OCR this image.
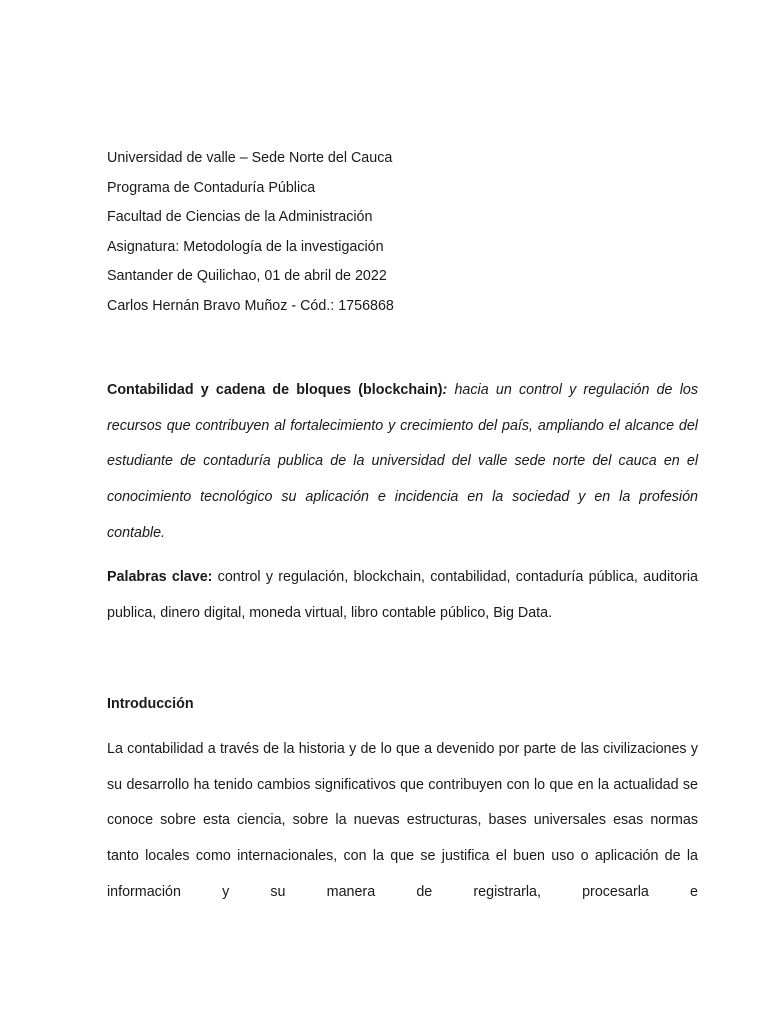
Universidad de valle – Sede Norte del Cauca
Programa de Contaduría Pública
Facultad de Ciencias de la Administración
Asignatura: Metodología de la investigación
Santander de Quilichao, 01 de abril de 2022
Carlos Hernán Bravo Muñoz - Cód.: 1756868
Contabilidad y cadena de bloques (blockchain): hacia un control y regulación de los recursos que contribuyen al fortalecimiento y crecimiento del país, ampliando el alcance del estudiante de contaduría publica de la universidad del valle sede norte del cauca en el conocimiento tecnológico su aplicación e incidencia en la sociedad y en la profesión contable.
Palabras clave: control y regulación, blockchain, contabilidad, contaduría pública, auditoria publica, dinero digital, moneda virtual, libro contable público, Big Data.
Introducción
La contabilidad a través de la historia y de lo que a devenido por parte de las civilizaciones y su desarrollo ha tenido cambios significativos que contribuyen con lo que en la actualidad se conoce sobre esta ciencia, sobre la nuevas estructuras, bases universales esas normas tanto locales como internacionales, con la que se justifica el buen uso o aplicación de la información y su manera de registrarla, procesarla e
